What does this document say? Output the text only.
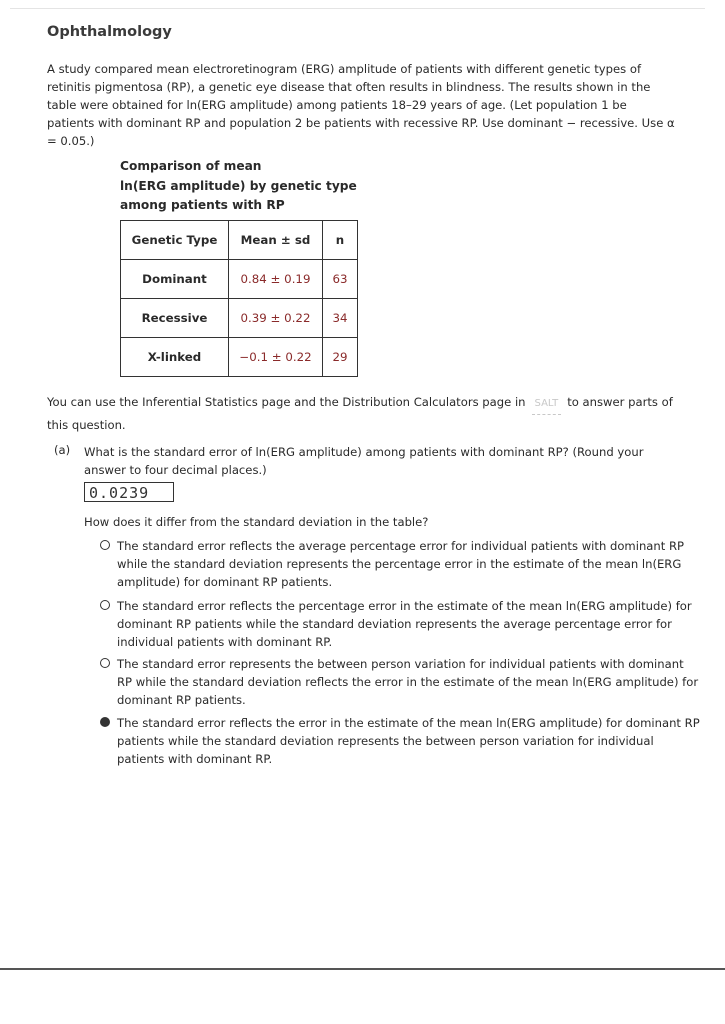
Ophthalmology
A study compared mean electroretinogram (ERG) amplitude of patients with different genetic types of retinitis pigmentosa (RP), a genetic eye disease that often results in blindness. The results shown in the table were obtained for ln(ERG amplitude) among patients 18–29 years of age. (Let population 1 be patients with dominant RP and population 2 be patients with recessive RP. Use dominant − recessive. Use α = 0.05.)
Comparison of mean
ln(ERG amplitude) by genetic type
among patients with RP
Genetic Type	Mean ± sd	n
Dominant	0.84 ± 0.19	63
Recessive	0.39 ± 0.22	34
X-linked	−0.1 ± 0.22	29
You can use the Inferential Statistics page and the Distribution Calculators page in SALT to answer parts of this question.
(a) What is the standard error of ln(ERG amplitude) among patients with dominant RP? (Round your answer to four decimal places.)
0.0239
How does it differ from the standard deviation in the table?
The standard error reflects the average percentage error for individual patients with dominant RP while the standard deviation represents the percentage error in the estimate of the mean ln(ERG amplitude) for dominant RP patients.
The standard error reflects the percentage error in the estimate of the mean ln(ERG amplitude) for dominant RP patients while the standard deviation represents the average percentage error for individual patients with dominant RP.
The standard error represents the between person variation for individual patients with dominant RP while the standard deviation reflects the error in the estimate of the mean ln(ERG amplitude) for dominant RP patients.
The standard error reflects the error in the estimate of the mean ln(ERG amplitude) for dominant RP patients while the standard deviation represents the between person variation for individual patients with dominant RP.
